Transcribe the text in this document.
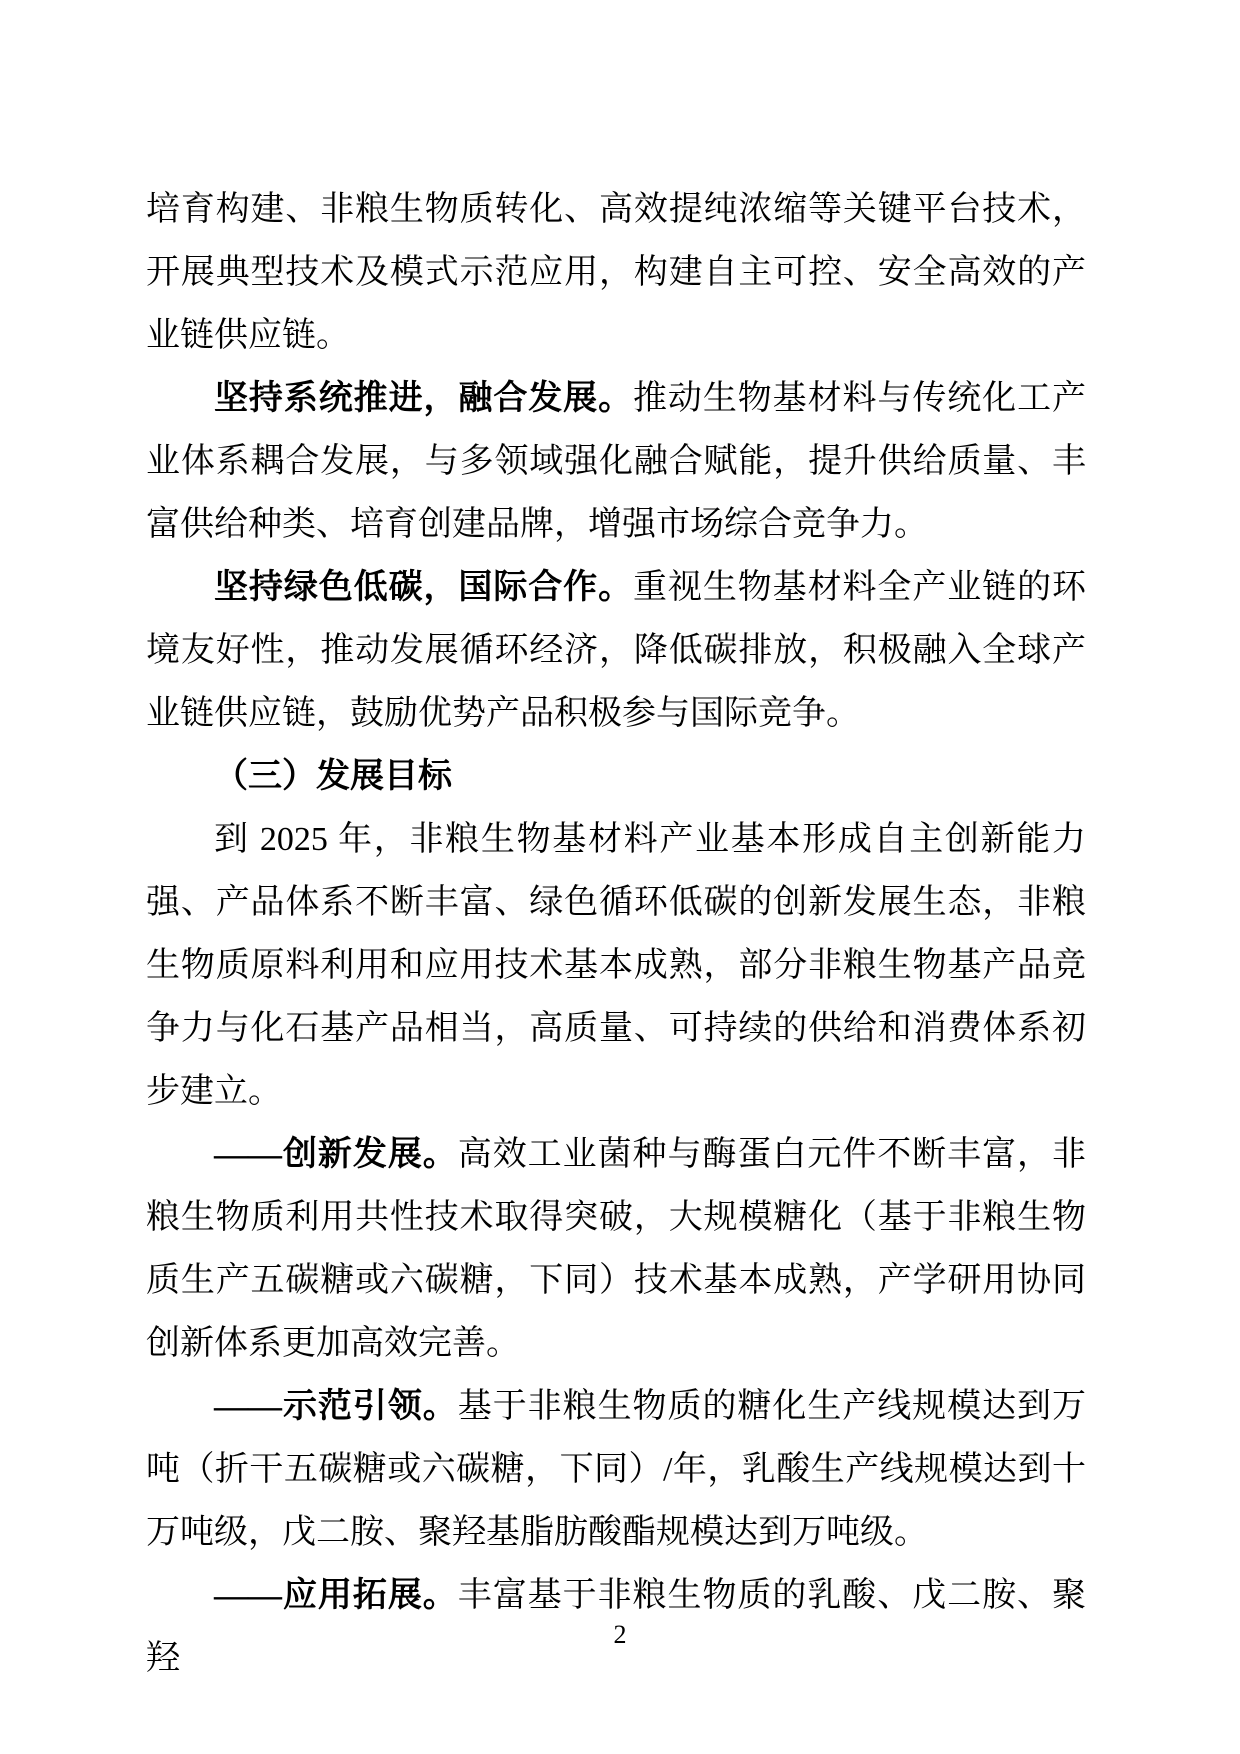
培育构建、非粮生物质转化、高效提纯浓缩等关键平台技术，开展典型技术及模式示范应用，构建自主可控、安全高效的产业链供应链。

坚持系统推进，融合发展。推动生物基材料与传统化工产业体系耦合发展，与多领域强化融合赋能，提升供给质量、丰富供给种类、培育创建品牌，增强市场综合竞争力。

坚持绿色低碳，国际合作。重视生物基材料全产业链的环境友好性，推动发展循环经济，降低碳排放，积极融入全球产业链供应链，鼓励优势产品积极参与国际竞争。

（三）发展目标

到 2025 年，非粮生物基材料产业基本形成自主创新能力强、产品体系不断丰富、绿色循环低碳的创新发展生态，非粮生物质原料利用和应用技术基本成熟，部分非粮生物基产品竞争力与化石基产品相当，高质量、可持续的供给和消费体系初步建立。

——创新发展。高效工业菌种与酶蛋白元件不断丰富，非粮生物质利用共性技术取得突破，大规模糖化（基于非粮生物质生产五碳糖或六碳糖，下同）技术基本成熟，产学研用协同创新体系更加高效完善。

——示范引领。基于非粮生物质的糖化生产线规模达到万吨（折干五碳糖或六碳糖，下同）/年，乳酸生产线规模达到十万吨级，戊二胺、聚羟基脂肪酸酯规模达到万吨级。

——应用拓展。丰富基于非粮生物质的乳酸、戊二胺、聚羟

2
